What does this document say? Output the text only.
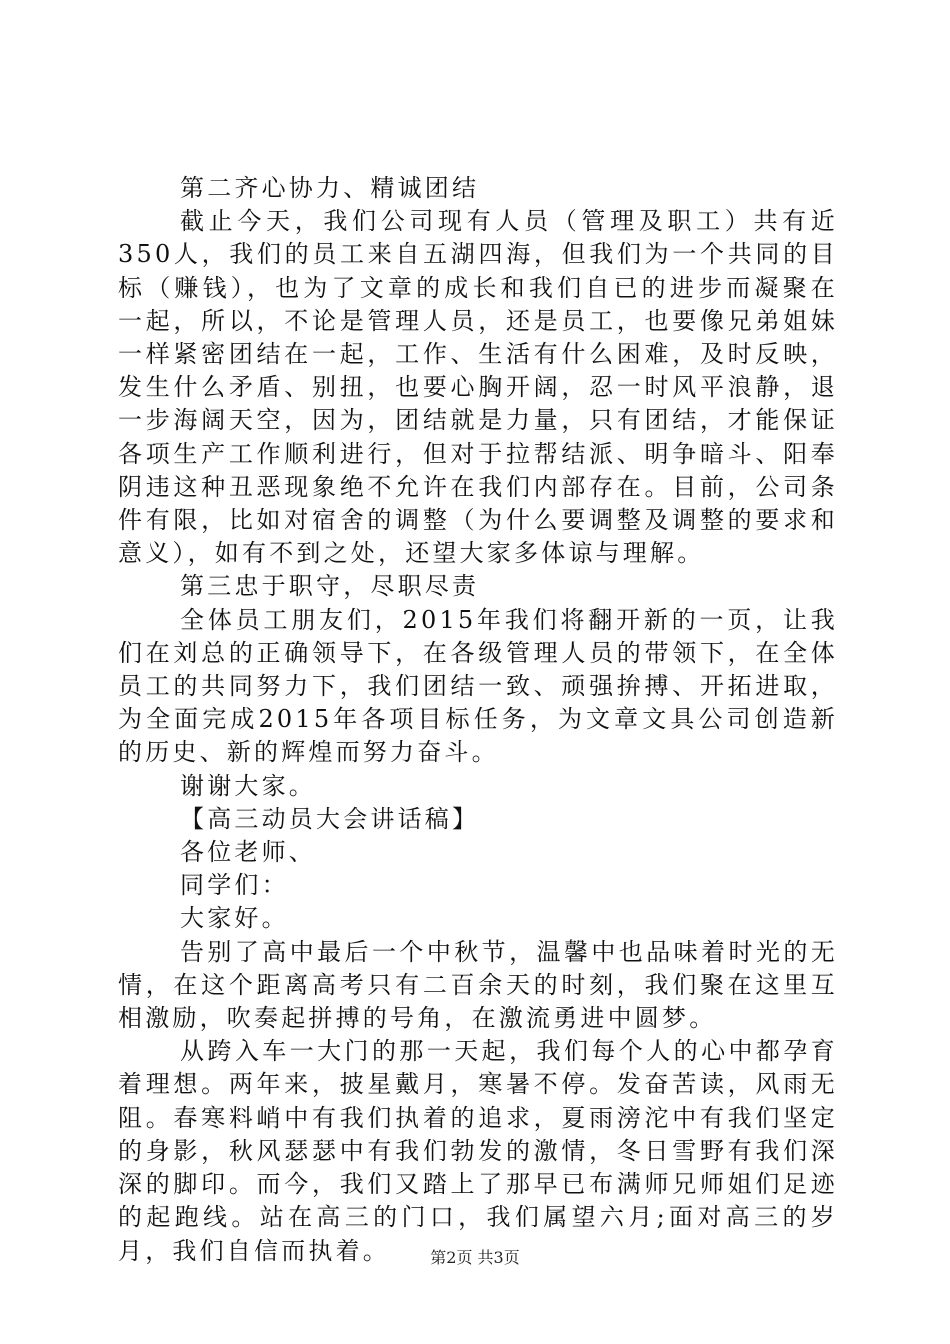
第二齐心协力、精诚团结

截止今天，我们公司现有人员（管理及职工）共有近350人，我们的员工来自五湖四海，但我们为一个共同的目标（赚钱），也为了文章的成长和我们自已的进步而凝聚在一起，所以，不论是管理人员，还是员工，也要像兄弟姐妹一样紧密团结在一起，工作、生活有什么困难，及时反映，发生什么矛盾、别扭，也要心胸开阔，忍一时风平浪静，退一步海阔天空，因为，团结就是力量，只有团结，才能保证各项生产工作顺利进行，但对于拉帮结派、明争暗斗、阳奉阴违这种丑恶现象绝不允许在我们内部存在。目前，公司条件有限，比如对宿舍的调整（为什么要调整及调整的要求和意义），如有不到之处，还望大家多体谅与理解。

第三忠于职守，尽职尽责

全体员工朋友们，2015年我们将翻开新的一页，让我们在刘总的正确领导下，在各级管理人员的带领下，在全体员工的共同努力下，我们团结一致、顽强拚搏、开拓进取，为全面完成2015年各项目标任务，为文章文具公司创造新的历史、新的辉煌而努力奋斗。

谢谢大家。

【高三动员大会讲话稿】

各位老师、

同学们：

大家好。

告别了高中最后一个中秋节，温馨中也品味着时光的无情，在这个距离高考只有二百余天的时刻，我们聚在这里互相激励，吹奏起拼搏的号角，在激流勇进中圆梦。

从跨入车一大门的那一天起，我们每个人的心中都孕育着理想。两年来，披星戴月，寒暑不停。发奋苦读，风雨无阻。春寒料峭中有我们执着的追求，夏雨滂沱中有我们坚定的身影，秋风瑟瑟中有我们勃发的激情，冬日雪野有我们深深的脚印。而今，我们又踏上了那早已布满师兄师姐们足迹的起跑线。站在高三的门口，我们属望六月;面对高三的岁月，我们自信而执着。	第2页 共3页
